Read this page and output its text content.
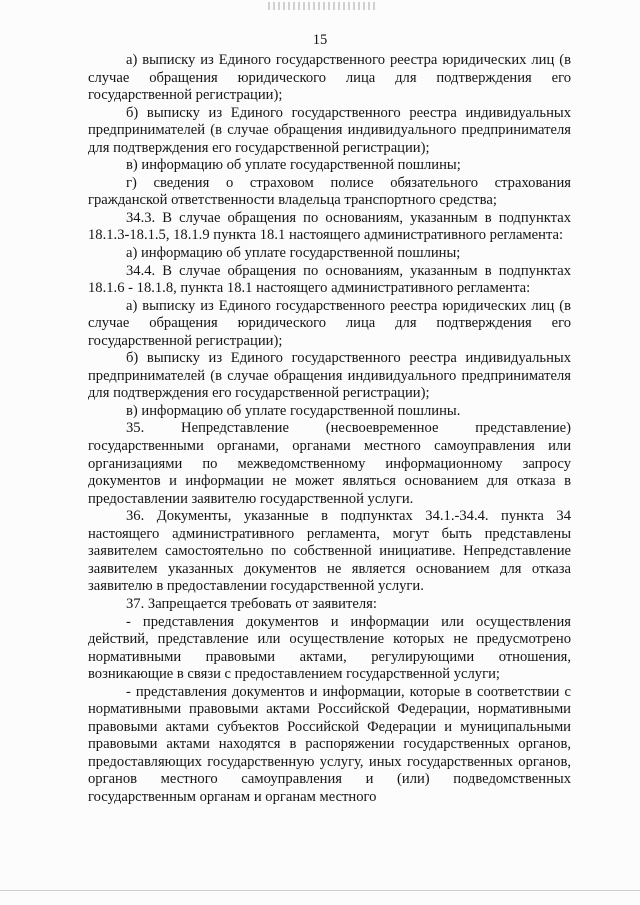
15

а) выписку из Единого государственного реестра юридических лиц (в случае обращения юридического лица для подтверждения его государственной регистрации);

б) выписку из Единого государственного реестра индивидуальных предпринимателей (в случае обращения индивидуального предпринимателя для подтверждения его государственной регистрации);

в) информацию об уплате государственной пошлины;

г) сведения о страховом полисе обязательного страхования гражданской ответственности владельца транспортного средства;

34.3. В случае обращения по основаниям, указанным в подпунктах 18.1.3-18.1.5, 18.1.9 пункта 18.1 настоящего административного регламента:

а) информацию об уплате государственной пошлины;

34.4. В случае обращения по основаниям, указанным в подпунктах 18.1.6 - 18.1.8, пункта 18.1 настоящего административного регламента:

а) выписку из Единого государственного реестра юридических лиц (в случае обращения юридического лица для подтверждения его государственной регистрации);

б) выписку из Единого государственного реестра индивидуальных предпринимателей (в случае обращения индивидуального предпринимателя для подтверждения его государственной регистрации);

в) информацию об уплате государственной пошлины.

35. Непредставление (несвоевременное представление) государственными органами, органами местного самоуправления или организациями по межведомственному информационному запросу документов и информации не может являться основанием для отказа в предоставлении заявителю государственной услуги.

36. Документы, указанные в подпунктах 34.1.-34.4. пункта 34 настоящего административного регламента, могут быть представлены заявителем самостоятельно по собственной инициативе. Непредставление заявителем указанных документов не является основанием для отказа заявителю в предоставлении государственной услуги.

37. Запрещается требовать от заявителя:

- представления документов и информации или осуществления действий, представление или осуществление которых не предусмотрено нормативными правовыми актами, регулирующими отношения, возникающие в связи с предоставлением государственной услуги;

- представления документов и информации, которые в соответствии с нормативными правовыми актами Российской Федерации, нормативными правовыми актами субъектов Российской Федерации и муниципальными правовыми актами находятся в распоряжении государственных органов, предоставляющих государственную услугу, иных государственных органов, органов местного самоуправления и (или) подведомственных государственным органам и органам местного
